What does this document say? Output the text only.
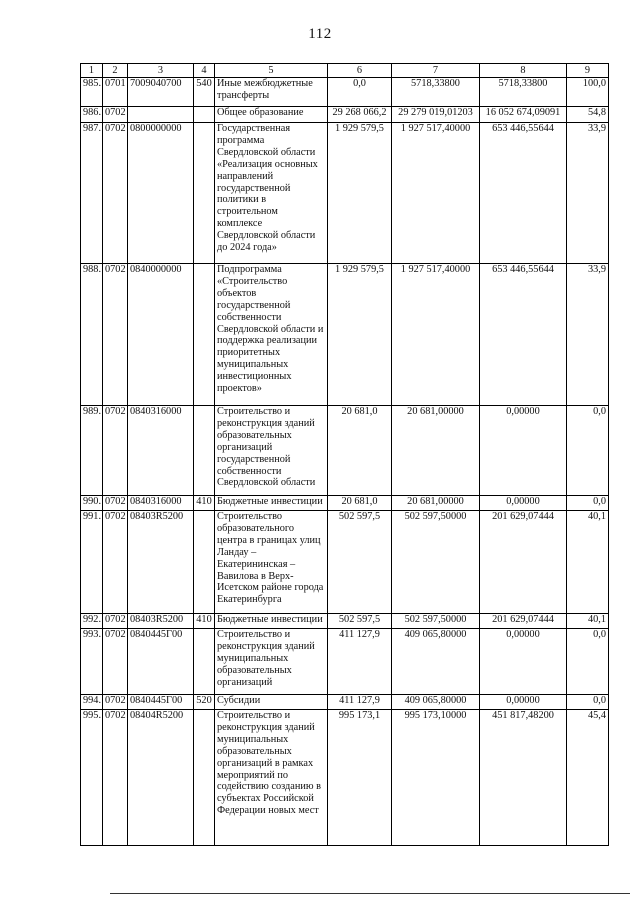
112
1	2	3	4	5	6	7	8	9
985.	0701	7009040700	540	Иные межбюджетные трансферты	0,0	5718,33800	5718,33800	100,0
986.	0702			Общее образование	29 268 066,2	29 279 019,01203	16 052 674,09091	54,8
987.	0702	0800000000		Государственная программа Свердловской области «Реализация основных направлений государственной политики в строительном комплексе Свердловской области до 2024 года»	1 929 579,5	1 927 517,40000	653 446,55644	33,9
988.	0702	0840000000		Подпрограмма «Строительство объектов государственной собственности Свердловской области и поддержка реализации приоритетных муниципальных инвестиционных проектов»	1 929 579,5	1 927 517,40000	653 446,55644	33,9
989.	0702	0840316000		Строительство и реконструкция зданий образовательных организаций государственной собственности Свердловской области	20 681,0	20 681,00000	0,00000	0,0
990.	0702	0840316000	410	Бюджетные инвестиции	20 681,0	20 681,00000	0,00000	0,0
991.	0702	08403R5200		Строительство образовательного центра в границах улиц Ландау – Екатерининская – Вавилова в Верх-Исетском районе города Екатеринбурга	502 597,5	502 597,50000	201 629,07444	40,1
992.	0702	08403R5200	410	Бюджетные инвестиции	502 597,5	502 597,50000	201 629,07444	40,1
993.	0702	0840445Г00		Строительство и реконструкция зданий муниципальных образовательных организаций	411 127,9	409 065,80000	0,00000	0,0
994.	0702	0840445Г00	520	Субсидии	411 127,9	409 065,80000	0,00000	0,0
995.	0702	08404R5200		Строительство и реконструкция зданий муниципальных образовательных организаций в рамках мероприятий по содействию созданию в субъектах Российской Федерации новых мест	995 173,1	995 173,10000	451 817,48200	45,4
